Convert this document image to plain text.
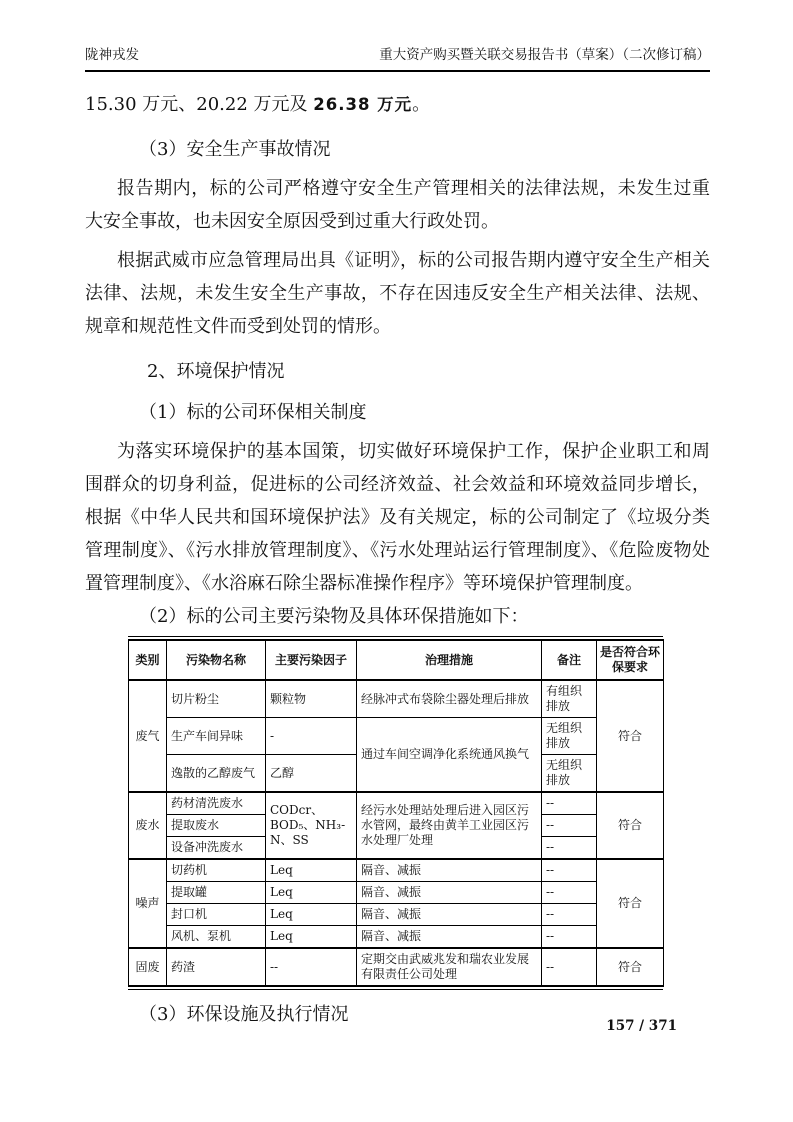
陇神戎发	重大资产购买暨关联交易报告书（草案）（二次修订稿）

15.30 万元、20.22 万元及 26.38 万元。

（3）安全生产事故情况

报告期内，标的公司严格遵守安全生产管理相关的法律法规，未发生过重大安全事故，也未因安全原因受到过重大行政处罚。

根据武威市应急管理局出具《证明》，标的公司报告期内遵守安全生产相关法律、法规，未发生安全生产事故，不存在因违反安全生产相关法律、法规、规章和规范性文件而受到处罚的情形。

2、环境保护情况

（1）标的公司环保相关制度

为落实环境保护的基本国策，切实做好环境保护工作，保护企业职工和周围群众的切身利益，促进标的公司经济效益、社会效益和环境效益同步增长，根据《中华人民共和国环境保护法》及有关规定，标的公司制定了《垃圾分类管理制度》、《污水排放管理制度》、《污水处理站运行管理制度》、《危险废物处置管理制度》、《水浴麻石除尘器标准操作程序》等环境保护管理制度。

（2）标的公司主要污染物及具体环保措施如下：

类别	污染物名称	主要污染因子	治理措施	备注	是否符合环保要求
废气	切片粉尘	颗粒物	经脉冲式布袋除尘器处理后排放	有组织排放	符合
	生产车间异味	-	通过车间空调净化系统通风换气	无组织排放	
	逸散的乙醇废气	乙醇		无组织排放	
废水	药材清洗废水	CODcr、BOD₅、NH₃-N、SS	经污水处理站处理后进入园区污水管网，最终由黄羊工业园区污水处理厂处理	--	符合
	提取废水			--	
	设备冲洗废水			--	
噪声	切药机	Leq	隔音、减振	--	符合
	提取罐	Leq	隔音、减振	--	
	封口机	Leq	隔音、减振	--	
	风机、泵机	Leq	隔音、减振	--	
固废	药渣	--	定期交由武威兆发和瑞农业发展有限责任公司处理	--	符合

（3）环保设施及执行情况

157 / 371
